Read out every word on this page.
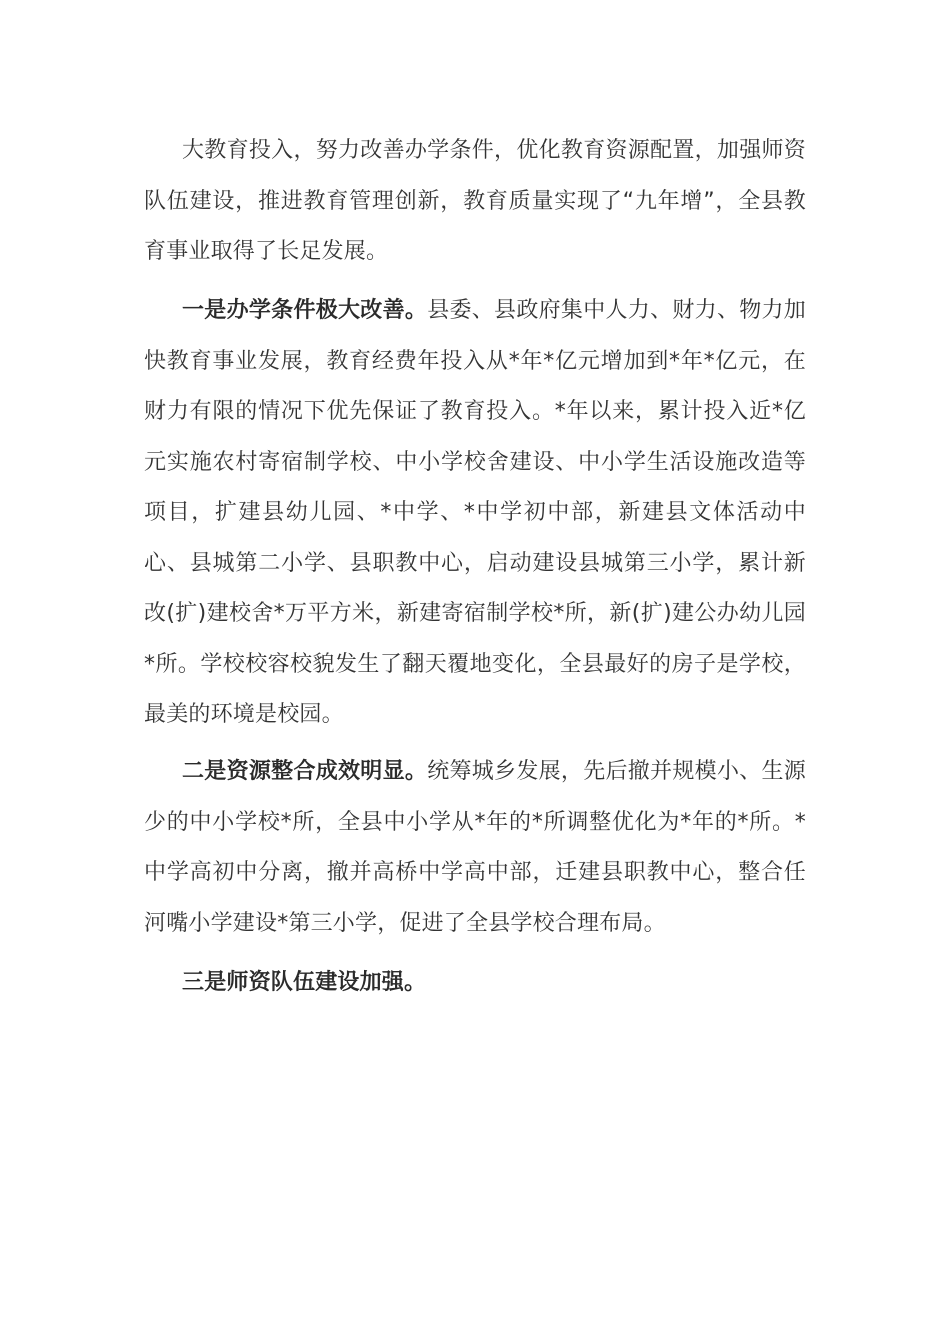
大教育投入，努力改善办学条件，优化教育资源配置，加强师资队伍建设，推进教育管理创新，教育质量实现了“九年增”，全县教育事业取得了长足发展。

一是办学条件极大改善。县委、县政府集中人力、财力、物力加快教育事业发展，教育经费年投入从*年*亿元增加到*年*亿元，在财力有限的情况下优先保证了教育投入。*年以来，累计投入近*亿元实施农村寄宿制学校、中小学校舍建设、中小学生活设施改造等项目，扩建县幼儿园、*中学、*中学初中部，新建县文体活动中心、县城第二小学、县职教中心，启动建设县城第三小学，累计新改(扩)建校舍*万平方米，新建寄宿制学校*所，新(扩)建公办幼儿园*所。学校校容校貌发生了翻天覆地变化，全县最好的房子是学校，最美的环境是校园。

二是资源整合成效明显。统筹城乡发展，先后撤并规模小、生源少的中小学校*所，全县中小学从*年的*所调整优化为*年的*所。*中学高初中分离，撤并高桥中学高中部，迁建县职教中心，整合任河嘴小学建设*第三小学，促进了全县学校合理布局。

三是师资队伍建设加强。
